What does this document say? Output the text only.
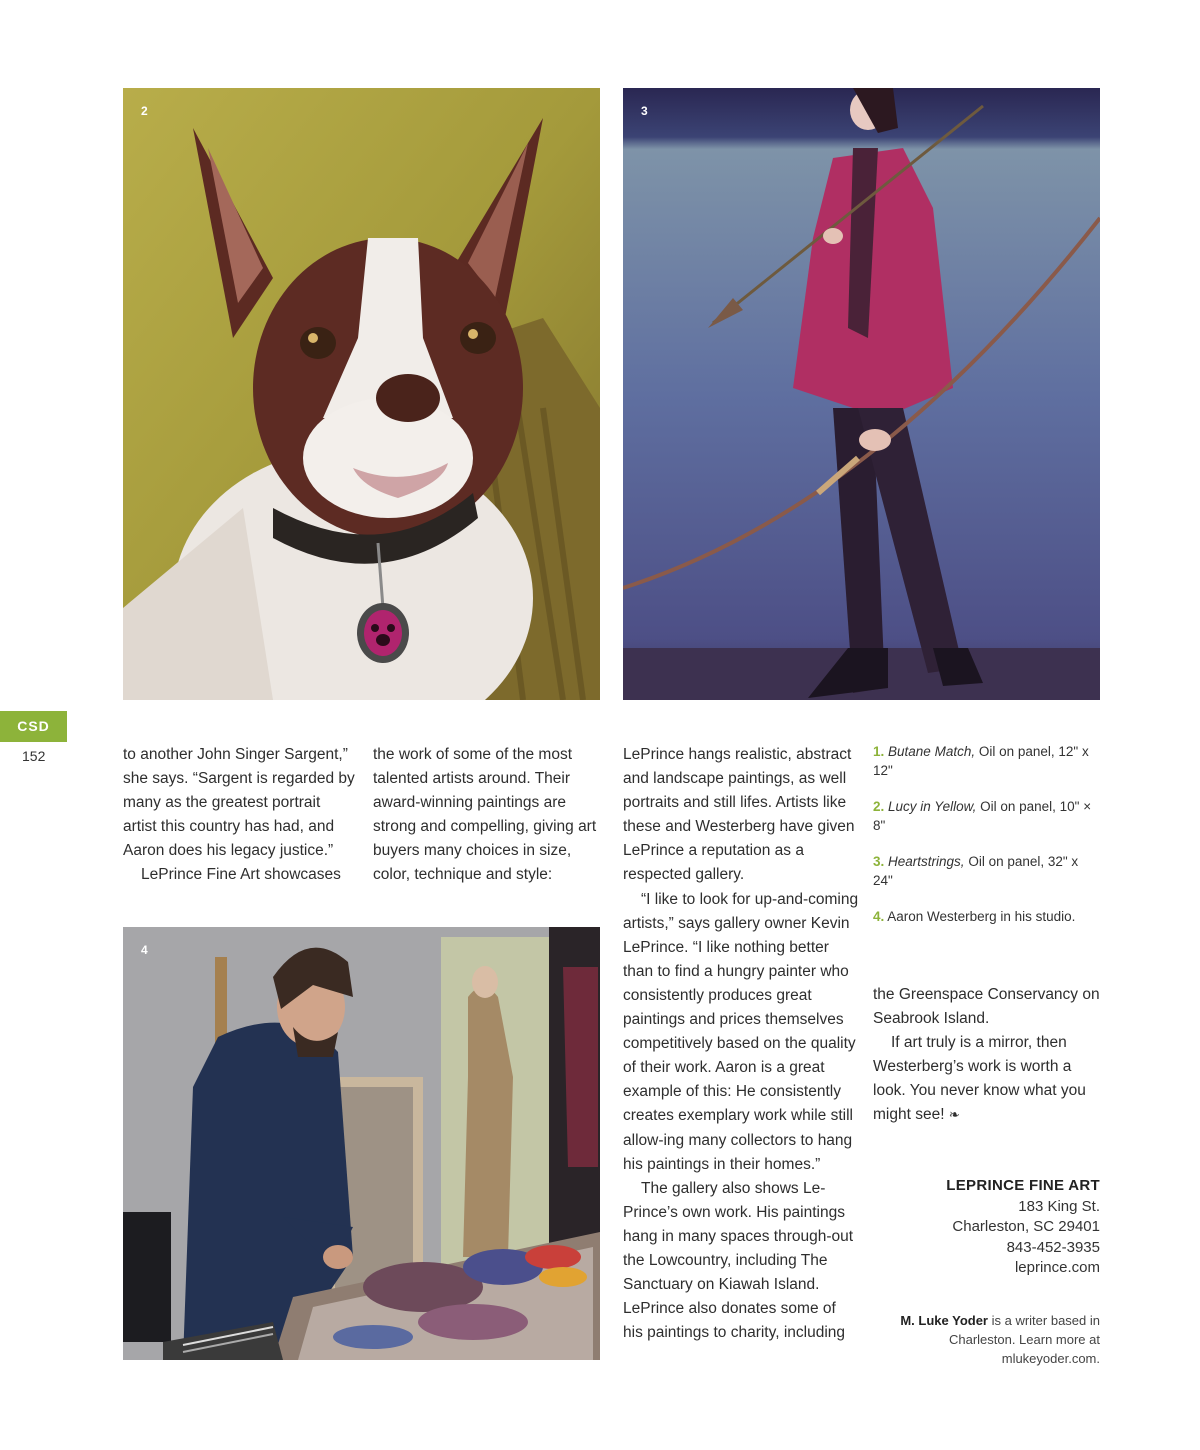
2	3
4
CSD
152	to another John Singer Sargent,” she says. “Sargent is regarded by many as the greatest portrait artist this country has had, and Aaron does his legacy justice.”

LePrince Fine Art showcases

the work of some of the most talented artists around. Their award-winning paintings are strong and compelling, giving art buyers many choices in size, color, technique and style:

LePrince hangs realistic, abstract and landscape paintings, as well portraits and still lifes. Artists like these and Westerberg have given LePrince a reputation as a respected gallery.

“I like to look for up-and-coming artists,” says gallery owner Kevin LePrince. “I like nothing better than to find a hungry painter who consistently produces great paintings and prices themselves competitively based on the quality of their work. Aaron is a great example of this: He consistently creates exemplary work while still allow-ing many collectors to hang his paintings in their homes.”

The gallery also shows Le-Prince’s own work. His paintings hang in many spaces through-out the Lowcountry, including The Sanctuary on Kiawah Island. LePrince also donates some of his paintings to charity, including

the Greenspace Conservancy on Seabrook Island.

If art truly is a mirror, then Westerberg’s work is worth a look. You never know what you might see! ❧

1. Butane Match, Oil on panel, 12" x 12"

2. Lucy in Yellow, Oil on panel, 10" × 8"

3. Heartstrings, Oil on panel, 32" x 24"

4. Aaron Westerberg in his studio.

LEPRINCE FINE ART
183 King St.
Charleston, SC 29401
843-452-3935
leprince.com
M. Luke Yoder is a writer based in Charleston. Learn more at mlukeyoder.com.
